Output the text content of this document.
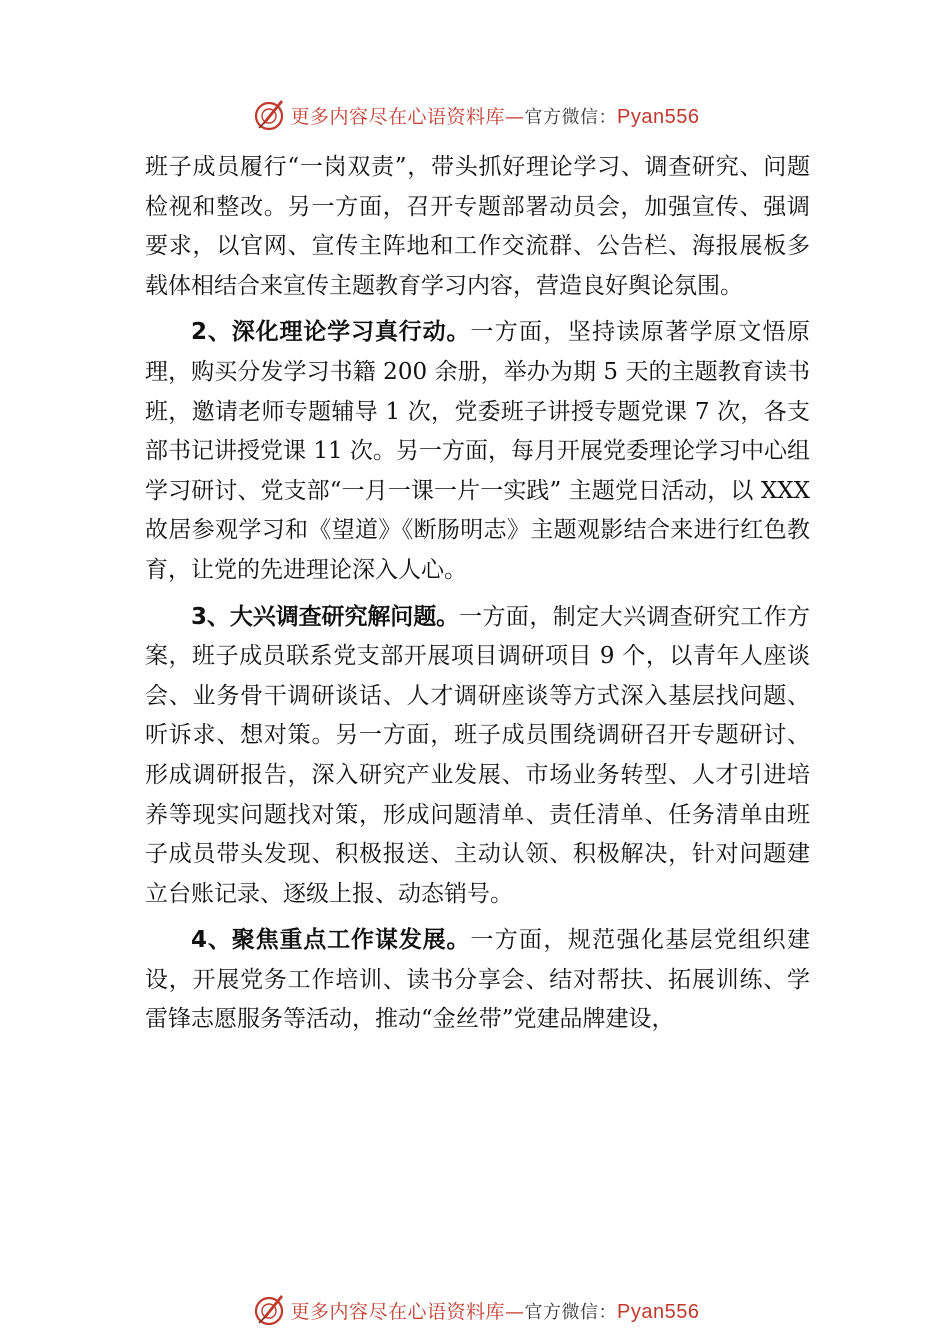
更多内容尽在心语资料库—官方微信：Pyan556

班子成员履行“一岗双责”，带头抓好理论学习、调查研究、问题检视和整改。另一方面，召开专题部署动员会，加强宣传、强调要求，以官网、宣传主阵地和工作交流群、公告栏、海报展板多载体相结合来宣传主题教育学习内容，营造良好舆论氛围。

2、深化理论学习真行动。一方面，坚持读原著学原文悟原理，购买分发学习书籍 200 余册，举办为期 5 天的主题教育读书班，邀请老师专题辅导 1 次，党委班子讲授专题党课 7 次，各支部书记讲授党课 11 次。另一方面，每月开展党委理论学习中心组学习研讨、党支部“一月一课一片一实践” 主题党日活动，以 XXX 故居参观学习和《望道》《断肠明志》主题观影结合来进行红色教育，让党的先进理论深入人心。

3、大兴调查研究解问题。一方面，制定大兴调查研究工作方案，班子成员联系党支部开展项目调研项目 9 个，以青年人座谈会、业务骨干调研谈话、人才调研座谈等方式深入基层找问题、听诉求、想对策。另一方面，班子成员围绕调研召开专题研讨、形成调研报告，深入研究产业发展、市场业务转型、人才引进培养等现实问题找对策，形成问题清单、责任清单、任务清单由班子成员带头发现、积极报送、主动认领、积极解决，针对问题建立台账记录、逐级上报、动态销号。

4、聚焦重点工作谋发展。一方面，规范强化基层党组织建设，开展党务工作培训、读书分享会、结对帮扶、拓展训练、学雷锋志愿服务等活动，推动“金丝带”党建品牌建设，

更多内容尽在心语资料库—官方微信：Pyan556
